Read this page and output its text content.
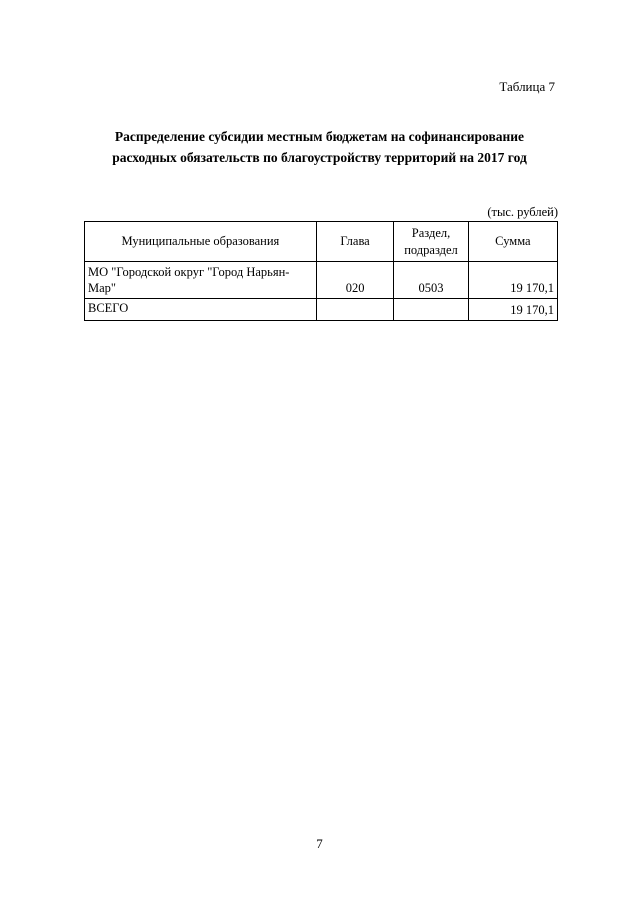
Таблица 7
Распределение субсидии местным бюджетам на софинансирование
расходных обязательств по благоустройству территорий на 2017 год
(тыс. рублей)
Муниципальные образования	Глава	Раздел,
подраздел	Сумма

МО "Городской округ "Город Нарьян-
Мар"	020	0503	19 170,1
ВСЕГО			19 170,1
7
